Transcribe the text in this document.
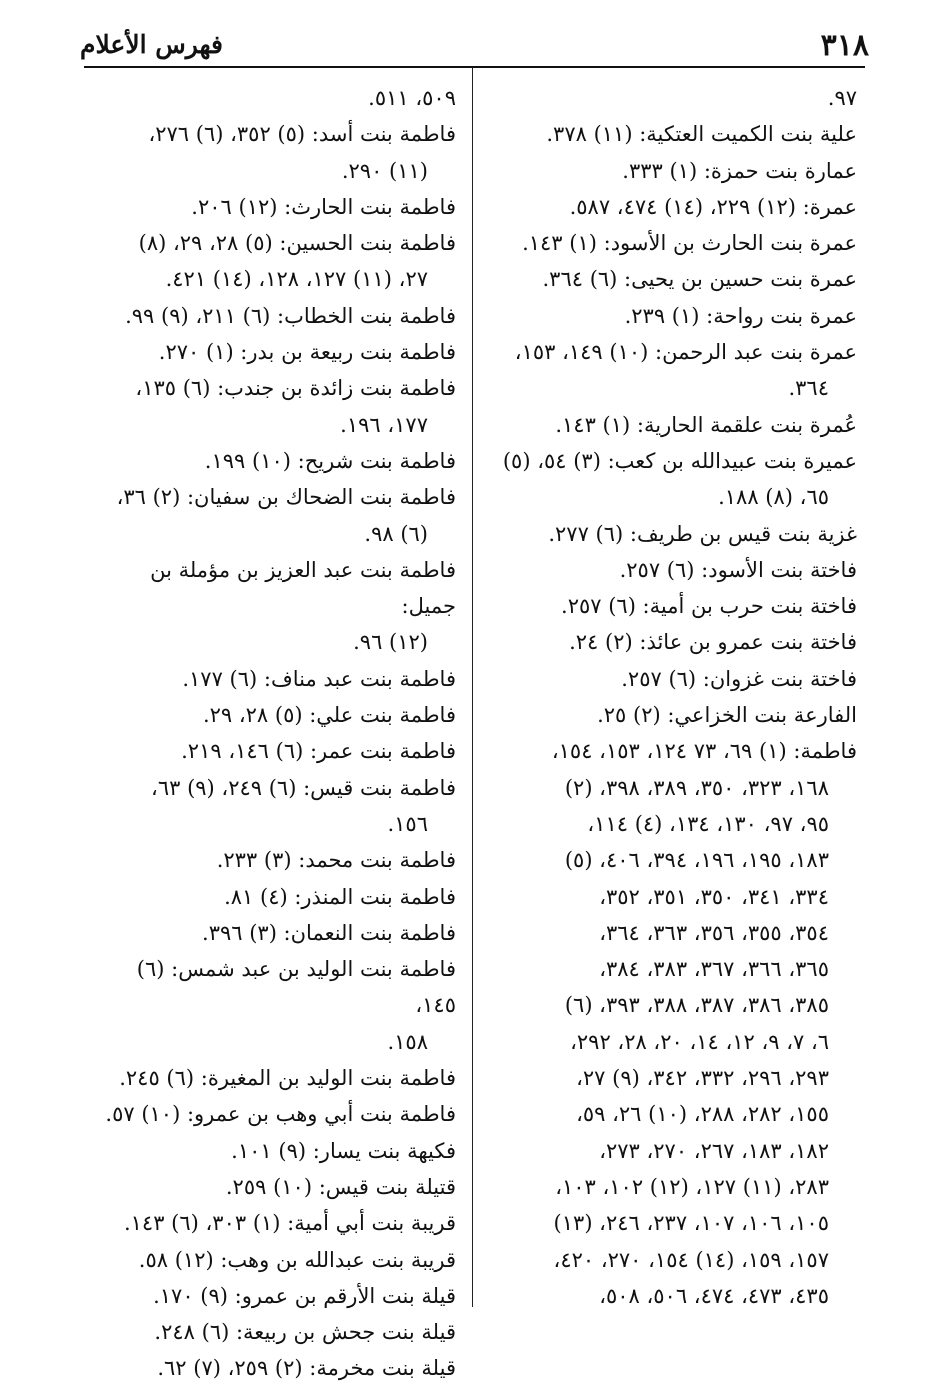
٣١٨
فهرس الأعلام
٩٧.
علية بنت الكميت العتكية: (١١) ٣٧٨.
عمارة بنت حمزة: (١) ٣٣٣.
عمرة: (١٢) ٢٢٩، (١٤) ٤٧٤، ٥٨٧.
عمرة بنت الحارث بن الأسود: (١) ١٤٣.
عمرة بنت حسين بن يحيى: (٦) ٣٦٤.
عمرة بنت رواحة: (١) ٢٣٩.
عمرة بنت عبد الرحمن: (١٠) ١٤٩، ١٥٣،
٣٦٤.
عُمرة بنت علقمة الحارية: (١) ١٤٣.
عميرة بنت عبيدالله بن كعب: (٣) ٥٤، (٥)
٦٥، (٨) ١٨٨.
غزية بنت قيس بن طريف: (٦) ٢٧٧.
فاختة بنت الأسود: (٦) ٢٥٧.
فاختة بنت حرب بن أمية: (٦) ٢٥٧.
فاختة بنت عمرو بن عائذ: (٢) ٢٤.
فاختة بنت غزوان: (٦) ٢٥٧.
الفارعة بنت الخزاعي: (٢) ٢٥.
فاطمة: (١) ٦٩، ٧٣ ١٢٤، ١٥٣، ١٥٤،
١٦٨، ٣٢٣، ٣٥٠، ٣٨٩، ٣٩٨، (٢)
٩٥، ٩٧، ١٣٠، ١٣٤، (٤) ١١٤،
١٨٣، ١٩٥، ١٩٦، ٣٩٤، ٤٠٦، (٥)
٣٣٤، ٣٤١، ٣٥٠، ٣٥١، ٣٥٢،
٣٥٤، ٣٥٥، ٣٥٦، ٣٦٣، ٣٦٤،
٣٦٥، ٣٦٦، ٣٦٧، ٣٨٣، ٣٨٤،
٣٨٥، ٣٨٦، ٣٨٧، ٣٨٨، ٣٩٣، (٦)
٦، ٧، ٩، ١٢، ١٤، ٢٠، ٢٨، ٢٩٢،
٢٩٣، ٢٩٦، ٣٣٢، ٣٤٢، (٩) ٢٧،
١٥٥، ٢٨٢، ٢٨٨، (١٠) ٢٦، ٥٩،
١٨٢، ١٨٣، ٢٦٧، ٢٧٠، ٢٧٣،
٢٨٣، (١١) ١٢٧، (١٢) ١٠٢، ١٠٣،
١٠٥، ١٠٦، ١٠٧، ٢٣٧، ٢٤٦، (١٣)
١٥٧، ١٥٩، (١٤) ١٥٤، ٢٧٠، ٤٢٠،
٤٣٥، ٤٧٣، ٤٧٤، ٥٠٦، ٥٠٨،
٥٠٩، ٥١١.
فاطمة بنت أسد: (٥) ٣٥٢، (٦) ٢٧٦،
(١١) ٢٩٠.
فاطمة بنت الحارث: (١٢) ٢٠٦.
فاطمة بنت الحسين: (٥) ٢٨، ٢٩، (٨)
٢٧، (١١) ١٢٧، ١٢٨، (١٤) ٤٢١.
فاطمة بنت الخطاب: (٦) ٢١١، (٩) ٩٩.
فاطمة بنت ربيعة بن بدر: (١) ٢٧٠.
فاطمة بنت زائدة بن جندب: (٦) ١٣٥،
١٧٧، ١٩٦.
فاطمة بنت شريح: (١٠) ١٩٩.
فاطمة بنت الضحاك بن سفيان: (٢) ٣٦،
(٦) ٩٨.
فاطمة بنت عبد العزيز بن مؤملة بن جميل:
(١٢) ٩٦.
فاطمة بنت عبد مناف: (٦) ١٧٧.
فاطمة بنت علي: (٥) ٢٨، ٢٩.
فاطمة بنت عمر: (٦) ١٤٦، ٢١٩.
فاطمة بنت قيس: (٦) ٢٤٩، (٩) ٦٣،
١٥٦.
فاطمة بنت محمد: (٣) ٢٣٣.
فاطمة بنت المنذر: (٤) ٨١.
فاطمة بنت النعمان: (٣) ٣٩٦.
فاطمة بنت الوليد بن عبد شمس: (٦) ١٤٥،
١٥٨.
فاطمة بنت الوليد بن المغيرة: (٦) ٢٤٥.
فاطمة بنت أبي وهب بن عمرو: (١٠) ٥٧.
فكيهة بنت يسار: (٩) ١٠١.
قتيلة بنت قيس: (١٠) ٢٥٩.
قريبة بنت أبي أمية: (١) ٣٠٣، (٦) ١٤٣.
قريبة بنت عبدالله بن وهب: (١٢) ٥٨.
قيلة بنت الأرقم بن عمرو: (٩) ١٧٠.
قيلة بنت جحش بن ربيعة: (٦) ٢٤٨.
قيلة بنت مخرمة: (٢) ٢٥٩، (٧) ٦٢.
